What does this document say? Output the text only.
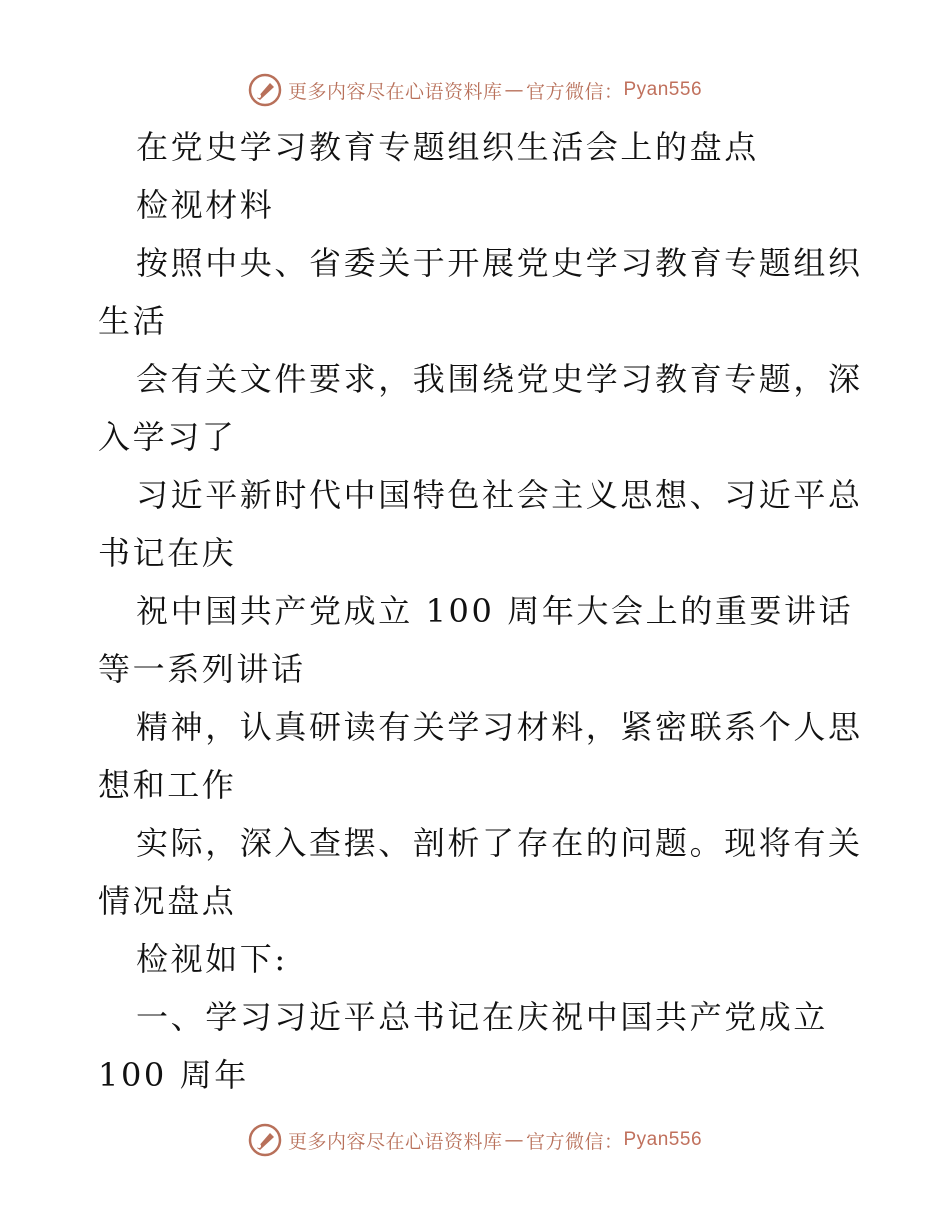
更多内容尽在心语资料库 — 官方微信： Pyan556
在党史学习教育专题组织生活会上的盘点
检视材料
按照中央、省委关于开展党史学习教育专题组织
生活
会有关文件要求，我围绕党史学习教育专题，深
入学习了
习近平新时代中国特色社会主义思想、习近平总
书记在庆
祝中国共产党成立 100 周年大会上的重要讲话
等一系列讲话
精神，认真研读有关学习材料，紧密联系个人思
想和工作
实际，深入查摆、剖析了存在的问题。现将有关
情况盘点
检视如下:
一、学习习近平总书记在庆祝中国共产党成立
100 周年
更多内容尽在心语资料库 — 官方微信： Pyan556
